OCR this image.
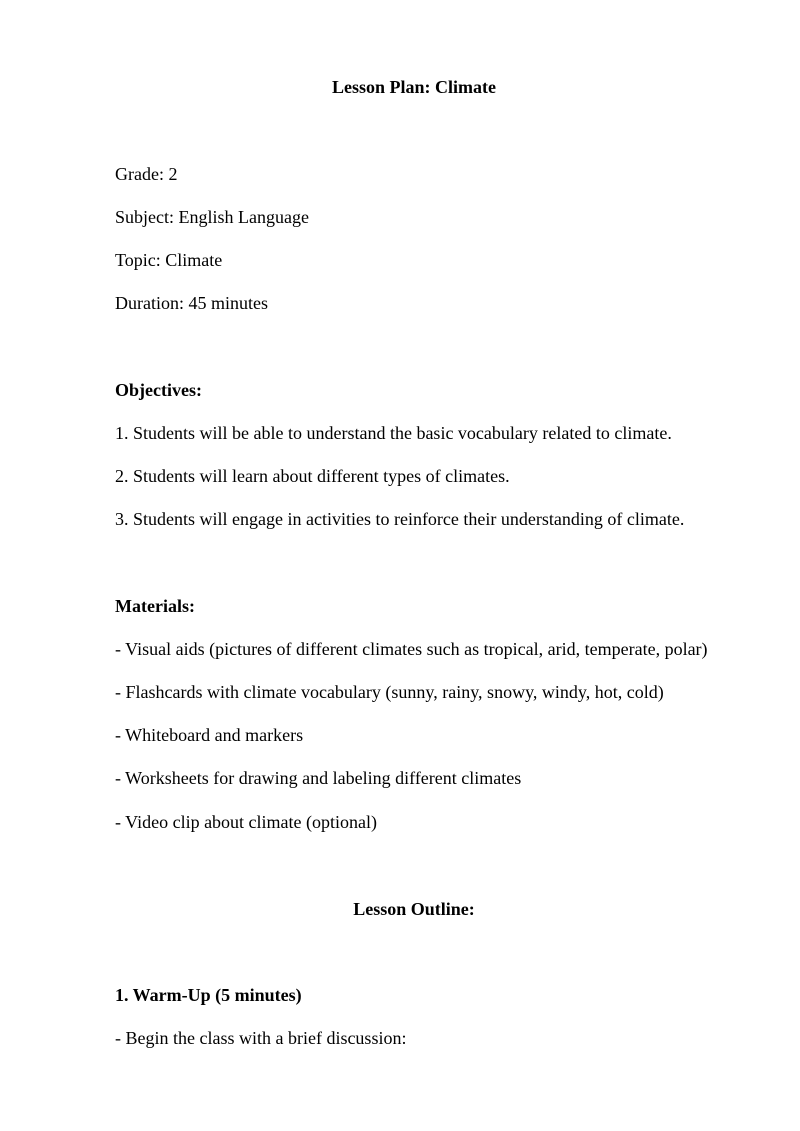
Lesson Plan: Climate
Grade: 2
Subject: English Language
Topic: Climate
Duration: 45 minutes
Objectives:
1. Students will be able to understand the basic vocabulary related to climate.
2. Students will learn about different types of climates.
3. Students will engage in activities to reinforce their understanding of climate.
Materials:
- Visual aids (pictures of different climates such as tropical, arid, temperate, polar)
- Flashcards with climate vocabulary (sunny, rainy, snowy, windy, hot, cold)
- Whiteboard and markers
- Worksheets for drawing and labeling different climates
- Video clip about climate (optional)
Lesson Outline:
1. Warm-Up (5 minutes)
- Begin the class with a brief discussion:
